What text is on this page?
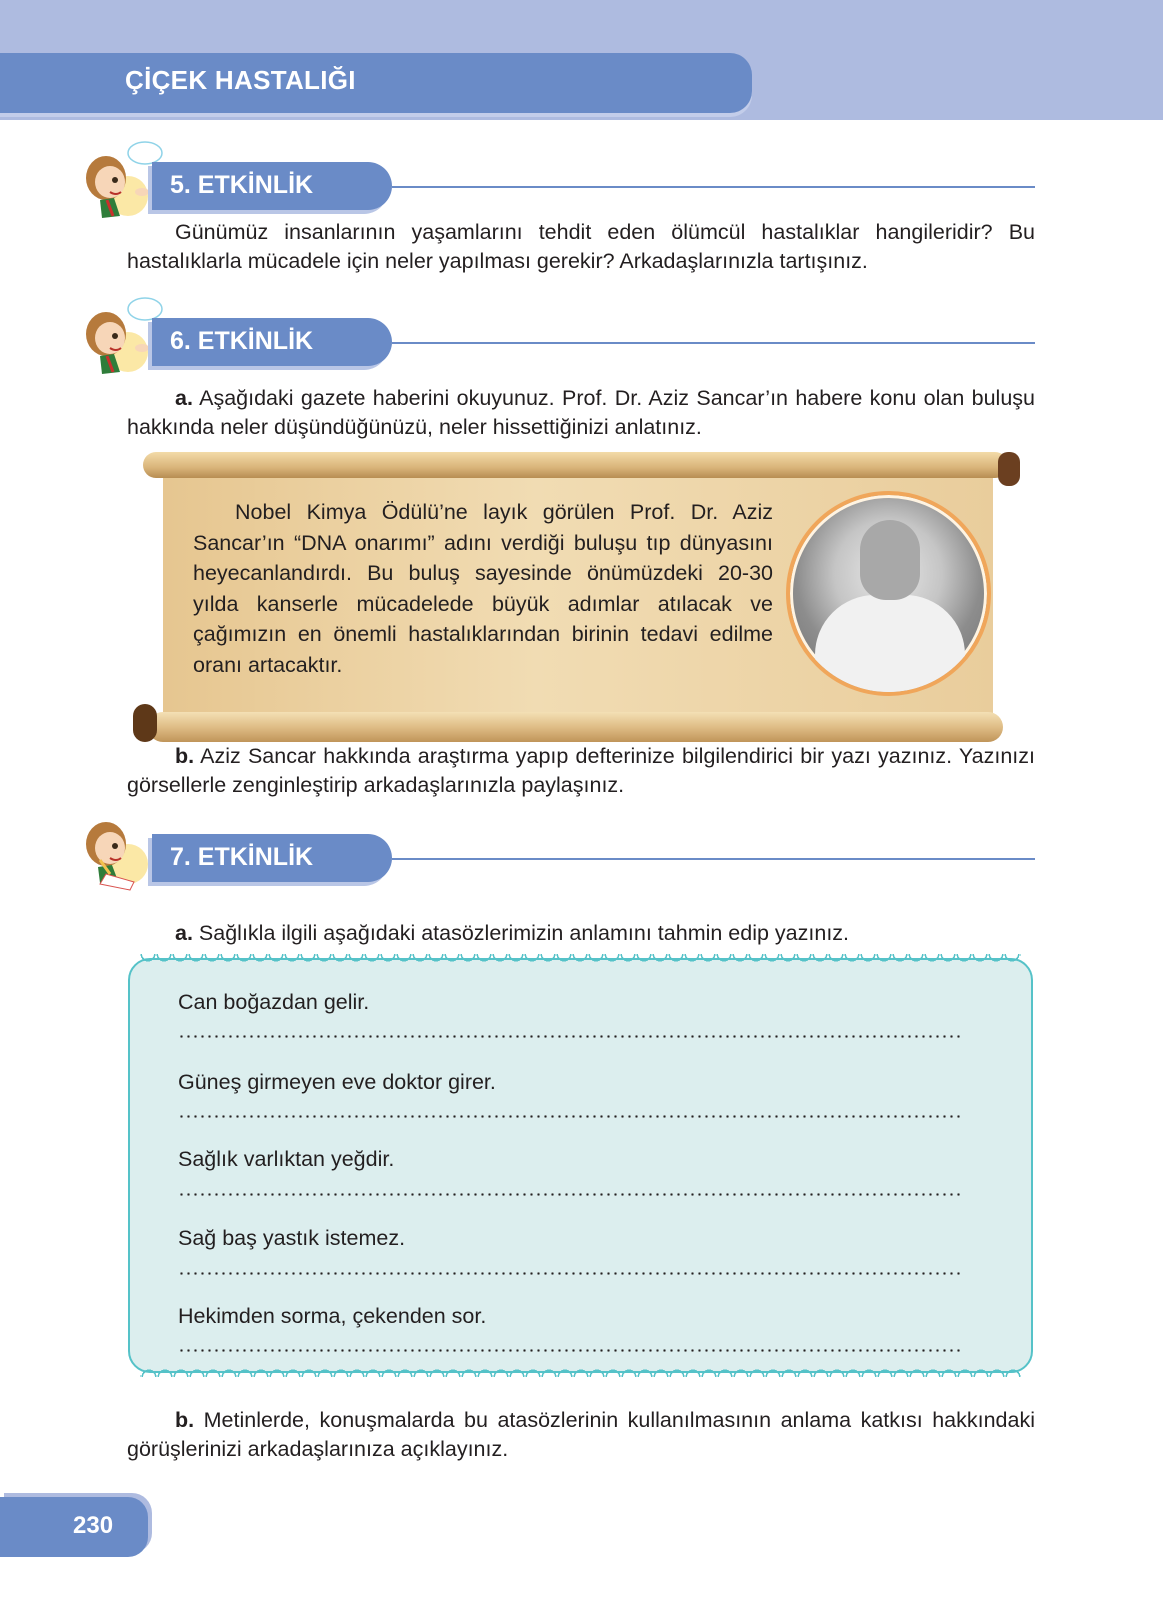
ÇİÇEK HASTALIĞI
5. ETKİNLİK
Günümüz insanlarının yaşamlarını tehdit eden ölümcül hastalıklar hangileridir? Bu hastalıklarla mücadele için neler yapılması gerekir? Arkadaşlarınızla tartışınız.
6. ETKİNLİK
a. Aşağıdaki gazete haberini okuyunuz. Prof. Dr. Aziz Sancar’ın habere konu olan buluşu hakkında neler düşündüğünüzü, neler hissettiğinizi anlatınız.
Nobel Kimya Ödülü’ne layık görülen Prof. Dr. Aziz Sancar’ın “DNA onarımı” adını verdiği buluşu tıp dünyasını heyecanlandırdı. Bu buluş sayesinde önümüzdeki 20-30 yılda kanserle mücadelede büyük adımlar atılacak ve çağımızın en önemli hastalıklarından birinin tedavi edilme oranı artacaktır.
b. Aziz Sancar hakkında araştırma yapıp defterinize bilgilendirici bir yazı yazınız. Yazınızı görsellerle zenginleştirip arkadaşlarınızla paylaşınız.
7. ETKİNLİK
a. Sağlıkla ilgili aşağıdaki atasözlerimizin anlamını tahmin edip yazınız.
Can boğazdan gelir.
Güneş girmeyen eve doktor girer.
Sağlık varlıktan yeğdir.
Sağ baş yastık istemez.
Hekimden sorma, çekenden sor.
b. Metinlerde, konuşmalarda bu atasözlerinin kullanılmasının anlama katkısı hakkındaki görüşlerinizi arkadaşlarınıza açıklayınız.
230
